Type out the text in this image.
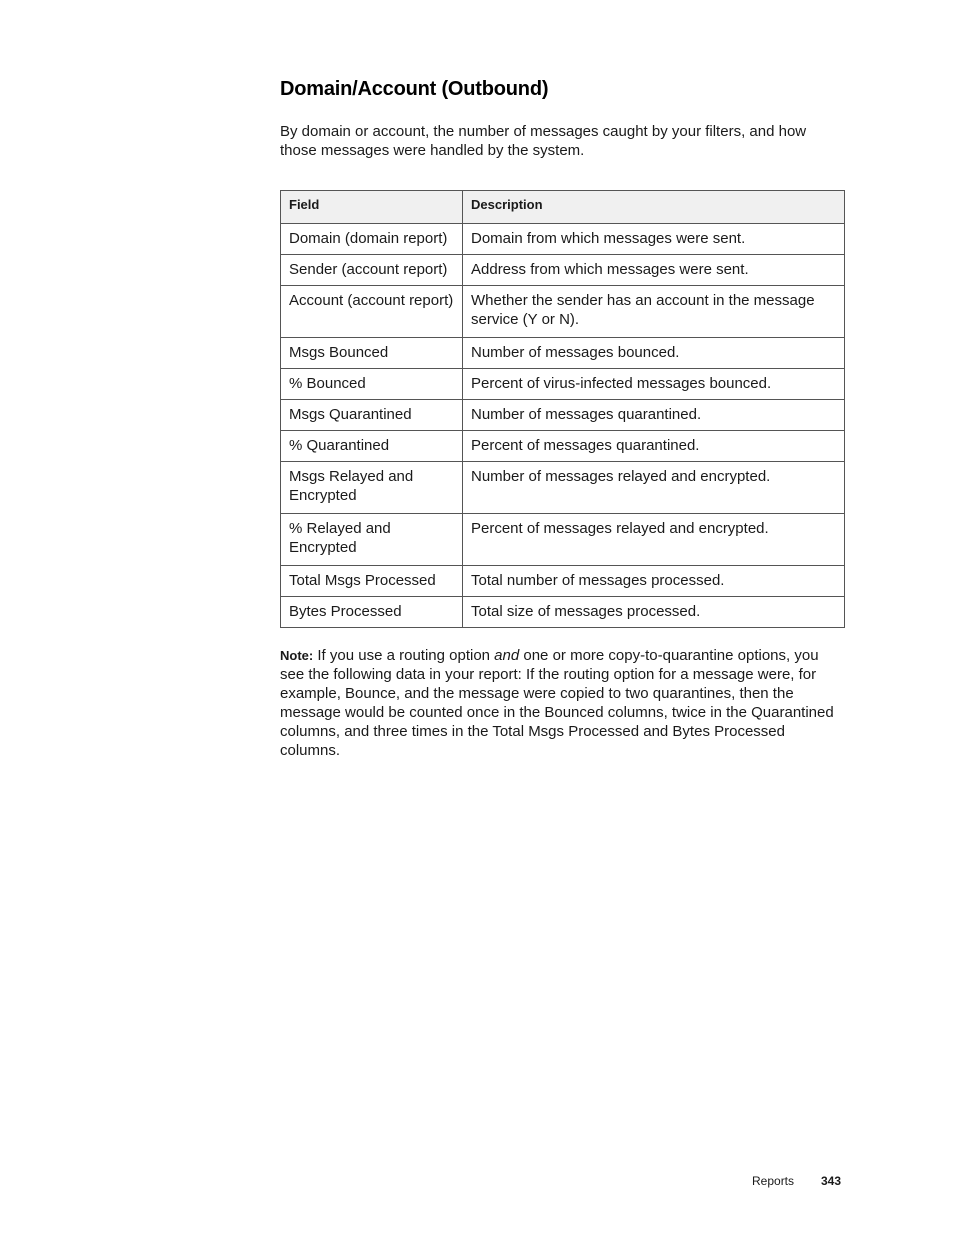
Domain/Account (Outbound)

By domain or account, the number of messages caught by your filters, and how those messages were handled by the system.

Field	Description
Domain (domain report)	Domain from which messages were sent.
Sender (account report)	Address from which messages were sent.
Account (account report)	Whether the sender has an account in the message service (Y or N).
Msgs Bounced	Number of messages bounced.
% Bounced	Percent of virus-infected messages bounced.
Msgs Quarantined	Number of messages quarantined.
% Quarantined	Percent of messages quarantined.
Msgs Relayed and Encrypted	Number of messages relayed and encrypted.
% Relayed and Encrypted	Percent of messages relayed and encrypted.
Total Msgs Processed	Total number of messages processed.
Bytes Processed	Total size of messages processed.

Note: If you use a routing option and one or more copy-to-quarantine options, you see the following data in your report: If the routing option for a message were, for example, Bounce, and the message were copied to two quarantines, then the message would be counted once in the Bounced columns, twice in the Quarantined columns, and three times in the Total Msgs Processed and Bytes Processed columns.

Reports 343
